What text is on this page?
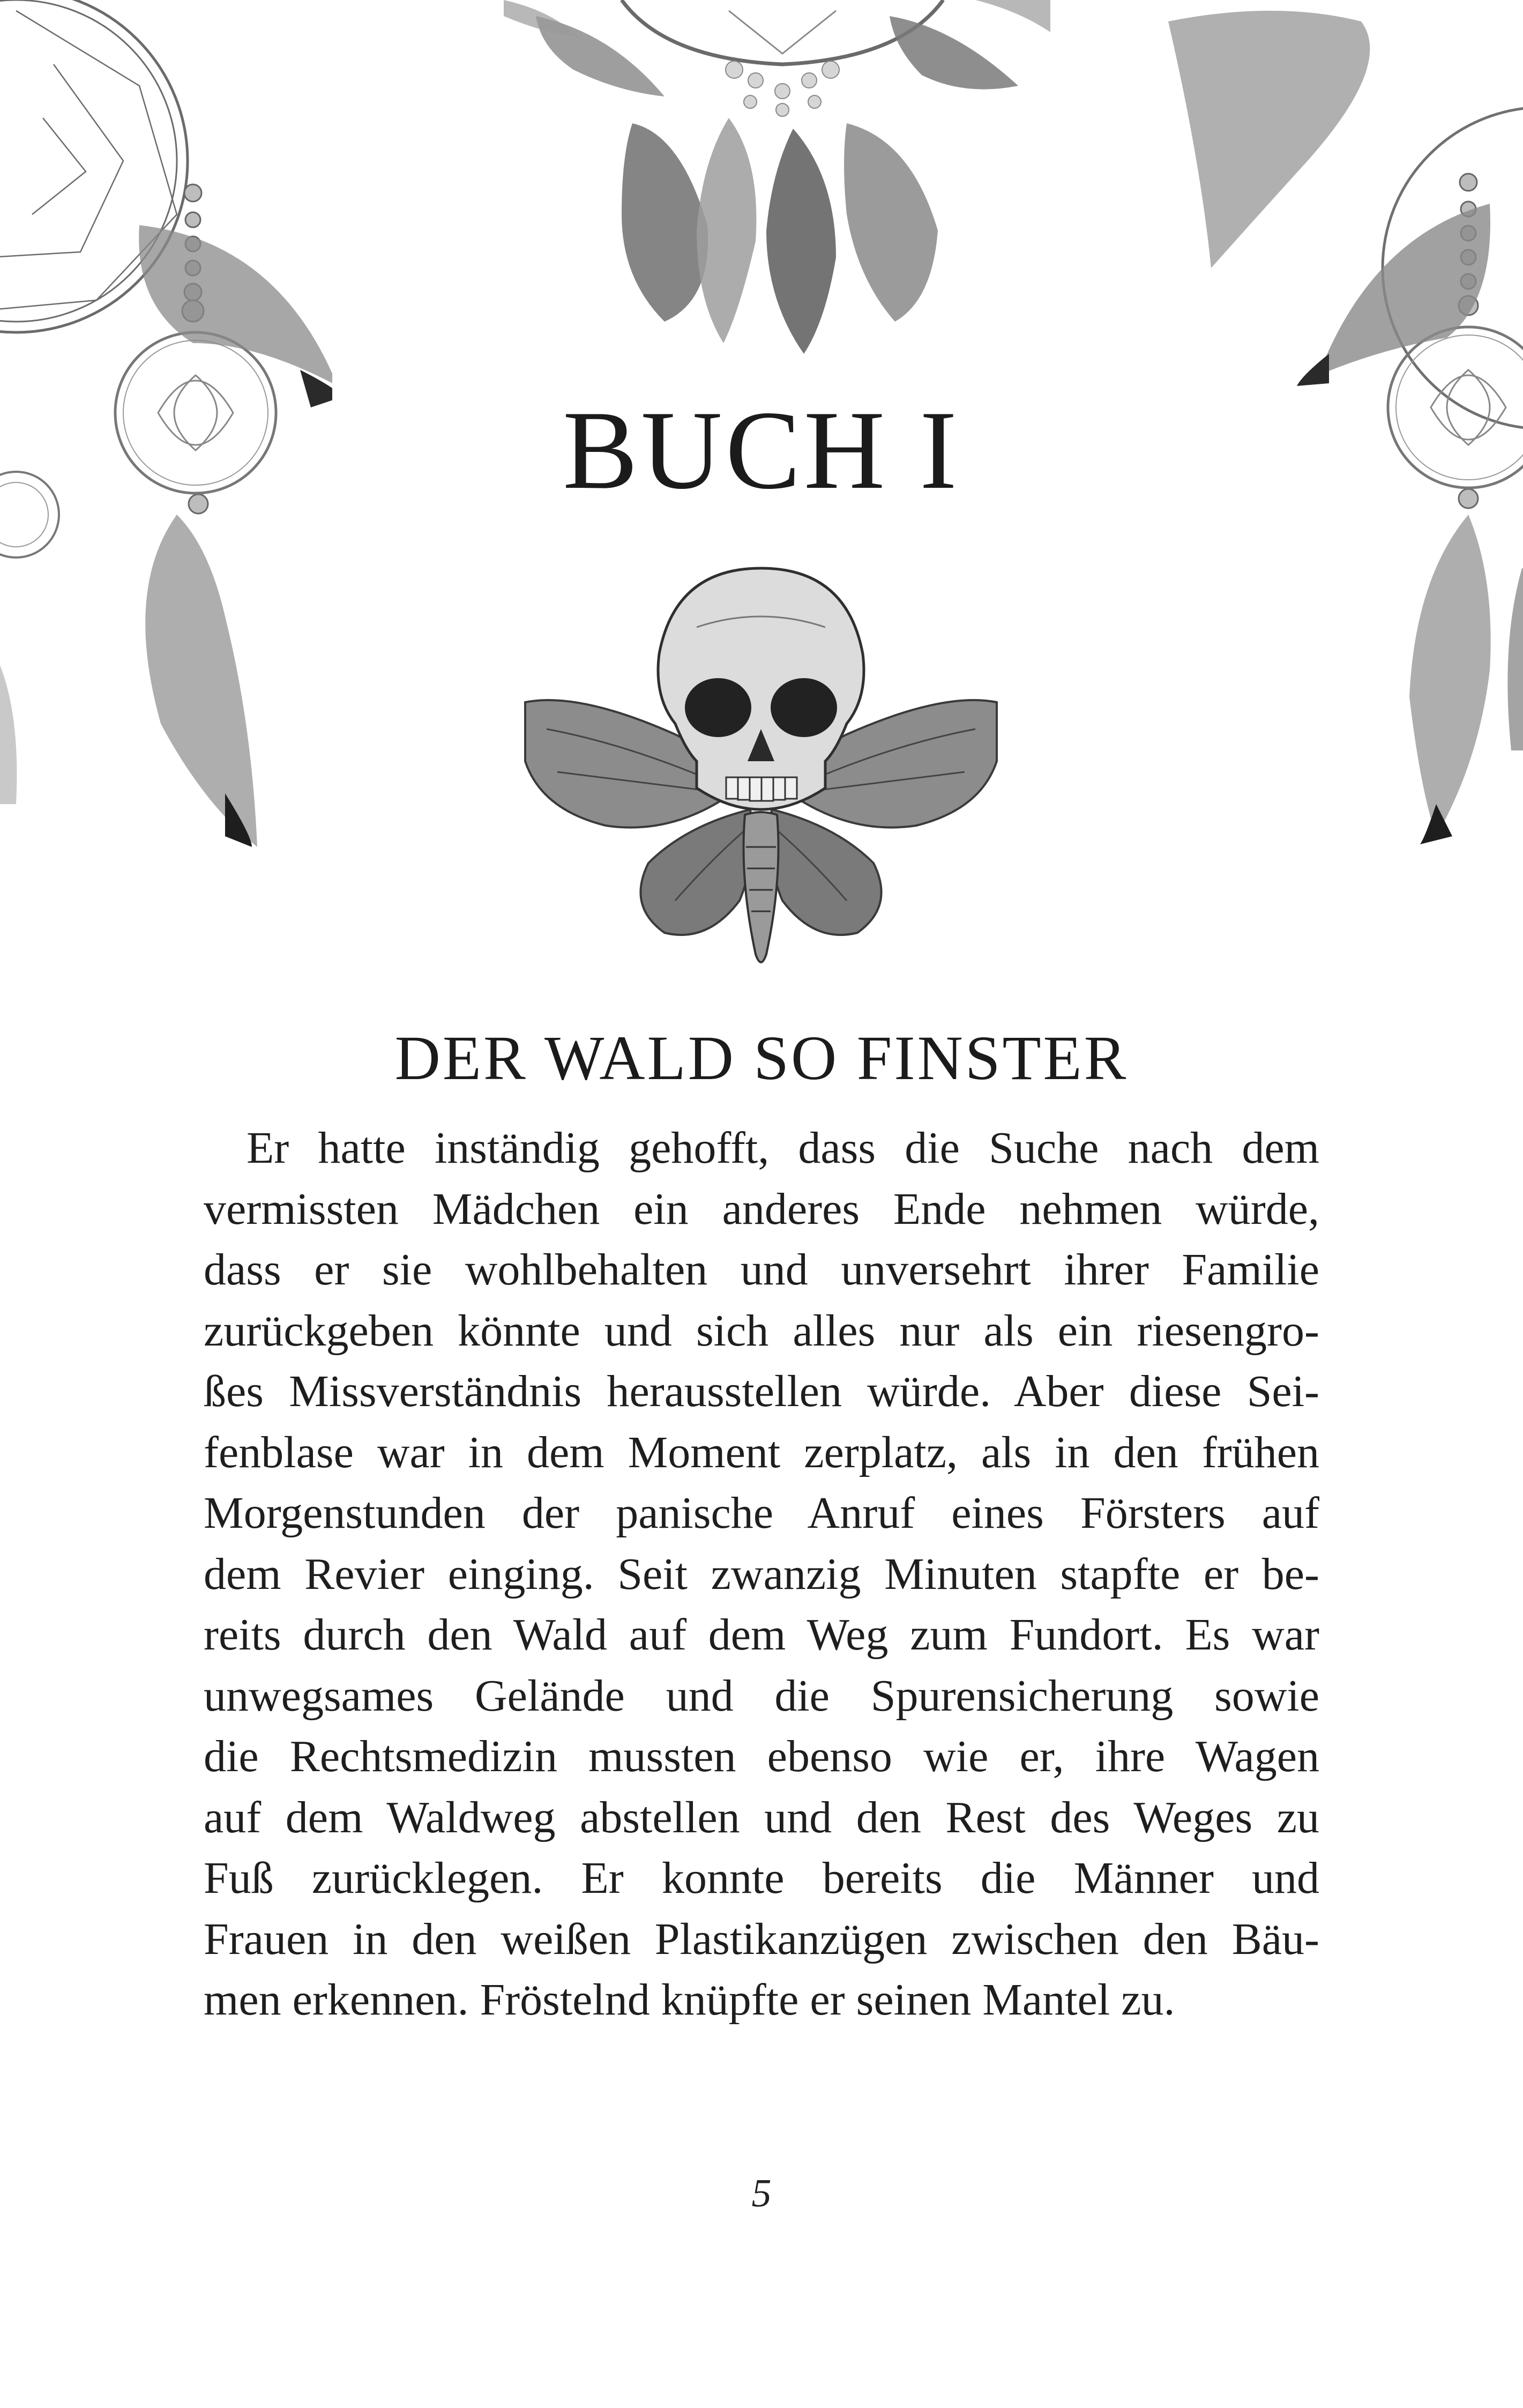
BUCH I
DER WALD SO FINSTER
Er hatte inständig gehofft, dass die Suche nach dem
vermissten Mädchen ein anderes Ende nehmen würde,
dass er sie wohlbehalten und unversehrt ihrer Familie
zurückgeben könnte und sich alles nur als ein riesengro-
ßes Missverständnis herausstellen würde. Aber diese Sei-
fenblase war in dem Moment zerplatz, als in den frühen
Morgenstunden der panische Anruf eines Försters auf
dem Revier einging. Seit zwanzig Minuten stapfte er be-
reits durch den Wald auf dem Weg zum Fundort. Es war
unwegsames Gelände und die Spurensicherung sowie
die Rechtsmedizin mussten ebenso wie er, ihre Wagen
auf dem Waldweg abstellen und den Rest des Weges zu
Fuß zurücklegen. Er konnte bereits die Männer und
Frauen in den weißen Plastikanzügen zwischen den Bäu-
men erkennen. Fröstelnd knüpfte er seinen Mantel zu.
5
